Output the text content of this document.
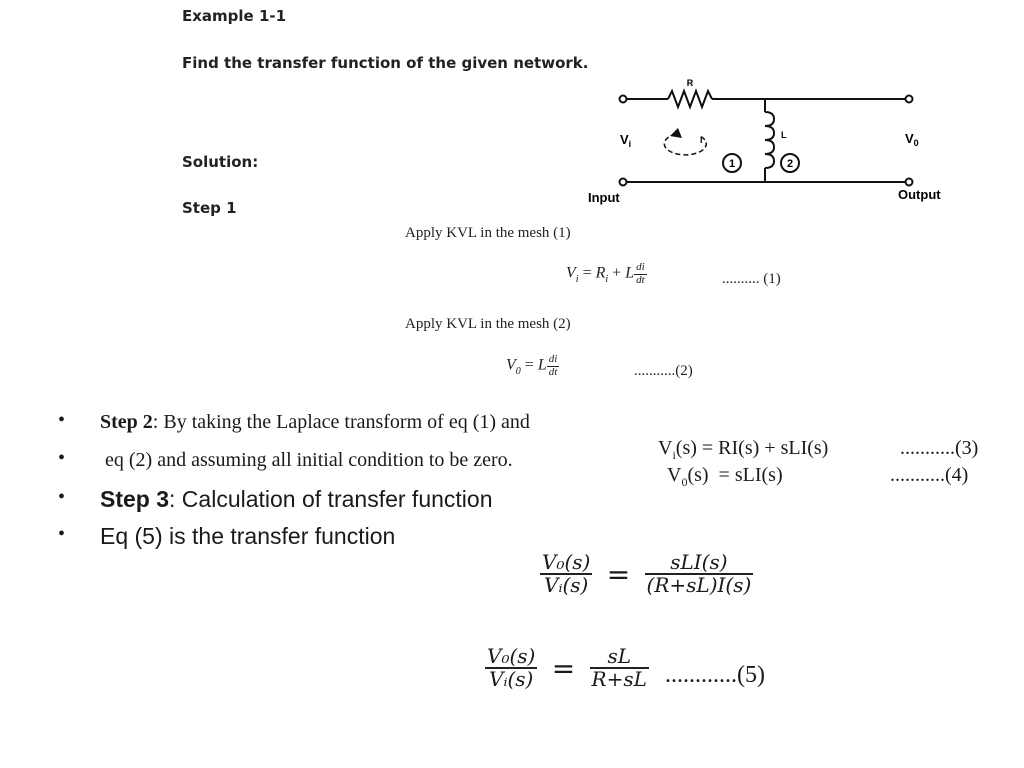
Example 1-1
Find the transfer function of the given network.
Solution:
Step 1
R
L
I
1	2
$V_i$	$V_0$
Input	Output
Apply KVL in the mesh (1)
$V_i = R_i + L \frac{di}{dt}$	.......... (1)
Apply KVL in the mesh (2)
$V_0 = L \frac{di}{dt}$	...........(2)
• Step 2: By taking the Laplace transform of eq (1) and
• eq (2) and assuming all initial condition to be zero.
• Step 3: Calculation of transfer function
• Eq (5) is the transfer function
$V_i(s) = RI(s) + sLI(s)$	...........(3)
$V_0(s) = sLI(s)$	...........(4)
$\frac{\text{V₀(s)}}{\text{Vᵢ(s)}} = \frac{\text{sLI(s)}}{(R+sL)I(s)}$
$\frac{\text{V₀(s)}}{\text{Vᵢ(s)}} = \frac{sL}{R+sL} ............(5)$
